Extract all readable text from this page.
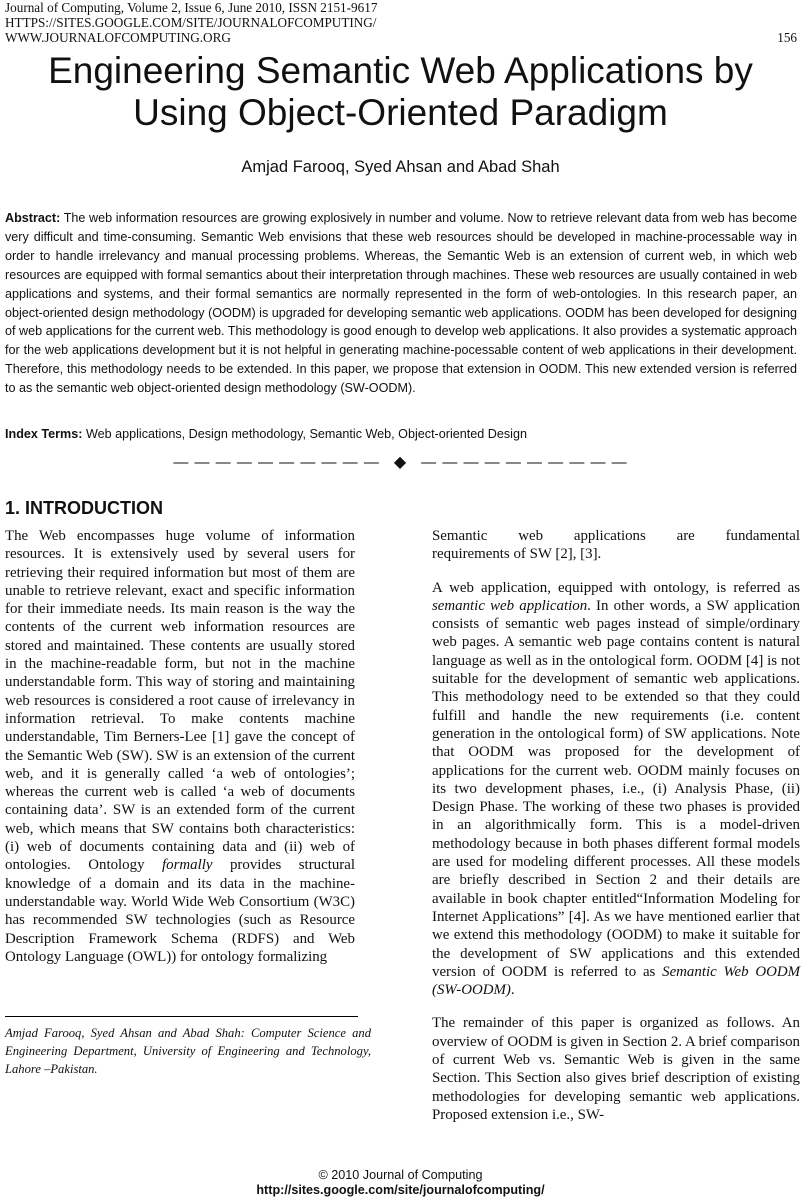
Journal of Computing, Volume 2, Issue 6, June 2010, ISSN 2151-9617
HTTPS://SITES.GOOGLE.COM/SITE/JOURNALOFCOMPUTING/
WWW.JOURNALOFCOMPUTING.ORG	156
Engineering Semantic Web Applications by
Using Object-Oriented Paradigm
Amjad Farooq, Syed Ahsan and Abad Shah
Abstract: The web information resources are growing explosively in number and volume. Now to retrieve relevant data from web has become very difficult and time-consuming. Semantic Web envisions that these web resources should be developed in machine-processable way in order to handle irrelevancy and manual processing problems. Whereas, the Semantic Web is an extension of current web, in which web resources are equipped with formal semantics about their interpretation through machines. These web resources are usually contained in web applications and systems, and their formal semantics are normally represented in the form of web-ontologies. In this research paper, an object-oriented design methodology (OODM) is upgraded for developing semantic web applications. OODM has been developed for designing of web applications for the current web. This methodology is good enough to develop web applications. It also provides a systematic approach for the web applications development but it is not helpful in generating machine-pocessable content of web applications in their development. Therefore, this methodology needs to be extended. In this paper, we propose that extension in OODM. This new extended version is referred to as the semantic web object-oriented design methodology (SW-OODM).
Index Terms: Web applications, Design methodology, Semantic Web, Object-oriented Design
— — — — — — — — — — ◆ — — — — — — — — — —
1. INTRODUCTION

The Web encompasses huge volume of information resources. It is extensively used by several users for retrieving their required information but most of them are unable to retrieve relevant, exact and specific information for their immediate needs. Its main reason is the way the contents of the current web information resources are stored and maintained. These contents are usually stored in the machine-readable form, but not in the machine understandable form. This way of storing and maintaining web resources is considered a root cause of irrelevancy in information retrieval. To make contents machine understandable, Tim Berners-Lee [1] gave the concept of the Semantic Web (SW). SW is an extension of the current web, and it is generally called ‘a web of ontologies’; whereas the current web is called ‘a web of documents containing data’. SW is an extended form of the current web, which means that SW contains both characteristics: (i) web of documents containing data and (ii) web of ontologies. Ontology formally provides structural knowledge of a domain and its data in the machine-understandable way. World Wide Web Consortium (W3C) has recommended SW technologies (such as Resource Description Framework Schema (RDFS) and Web Ontology Language (OWL)) for ontology formalizing

Amjad Farooq, Syed Ahsan and Abad Shah: Computer Science and Engineering Department, University of Engineering and Technology, Lahore –Pakistan.

Semantic web applications are fundamental
requirements of SW [2], [3].

A web application, equipped with ontology, is referred as semantic web application. In other words, a SW application consists of semantic web pages instead of simple/ordinary web pages. A semantic web page contains content is natural language as well as in the ontological form. OODM [4] is not suitable for the development of semantic web applications. This methodology need to be extended so that they could fulfill and handle the new requirements (i.e. content generation in the ontological form) of SW applications. Note that OODM was proposed for the development of applications for the current web. OODM mainly focuses on its two development phases, i.e., (i) Analysis Phase, (ii) Design Phase. The working of these two phases is provided in an algorithmically form. This is a model-driven methodology because in both phases different formal models are used for modeling different processes. All these models are briefly described in Section 2 and their details are available in book chapter entitled“Information Modeling for Internet Applications” [4]. As we have mentioned earlier that we extend this methodology (OODM) to make it suitable for the development of SW applications and this extended version of OODM is referred to as Semantic Web OODM (SW-OODM).

The remainder of this paper is organized as follows. An overview of OODM is given in Section 2. A brief comparison of current Web vs. Semantic Web is given in the same Section. This Section also gives brief description of existing methodologies for developing semantic web applications. Proposed extension i.e., SW-

© 2010 Journal of Computing
http://sites.google.com/site/journalofcomputing/
